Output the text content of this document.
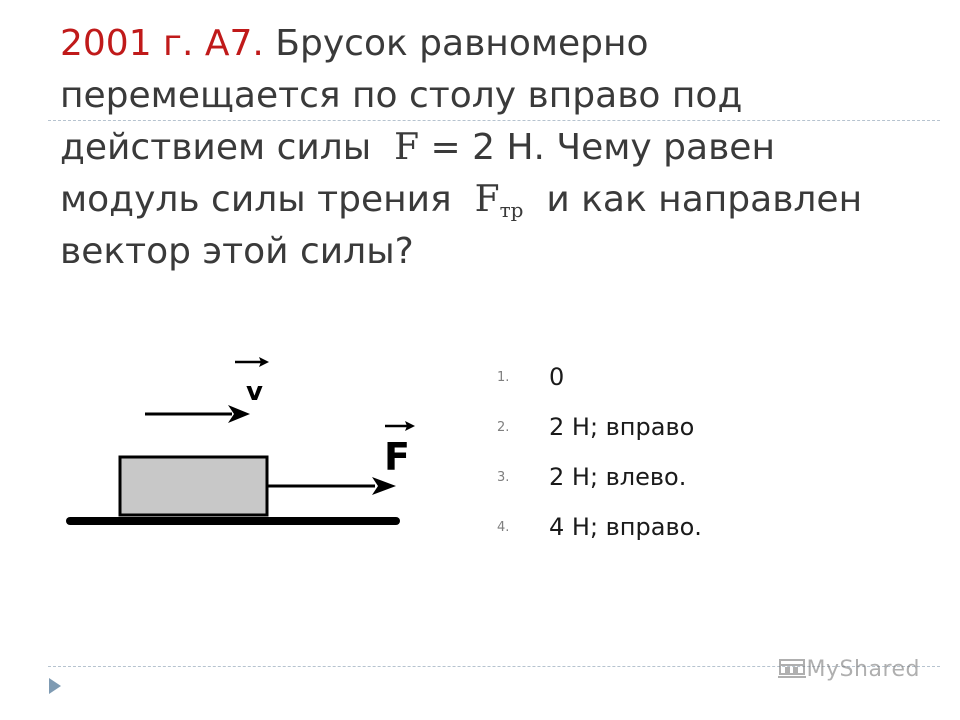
2001 г. А7. Брусок равномерно
перемещается по столу вправо под
действием силы F = 2 Н. Чему равен
модуль силы трения $F_{тр}$ и как направлен
вектор этой силы?
v
F
1.	0
2.	2 Н; вправо
3.	2 Н; влево.
4.	4 Н; вправо.
MyShared
